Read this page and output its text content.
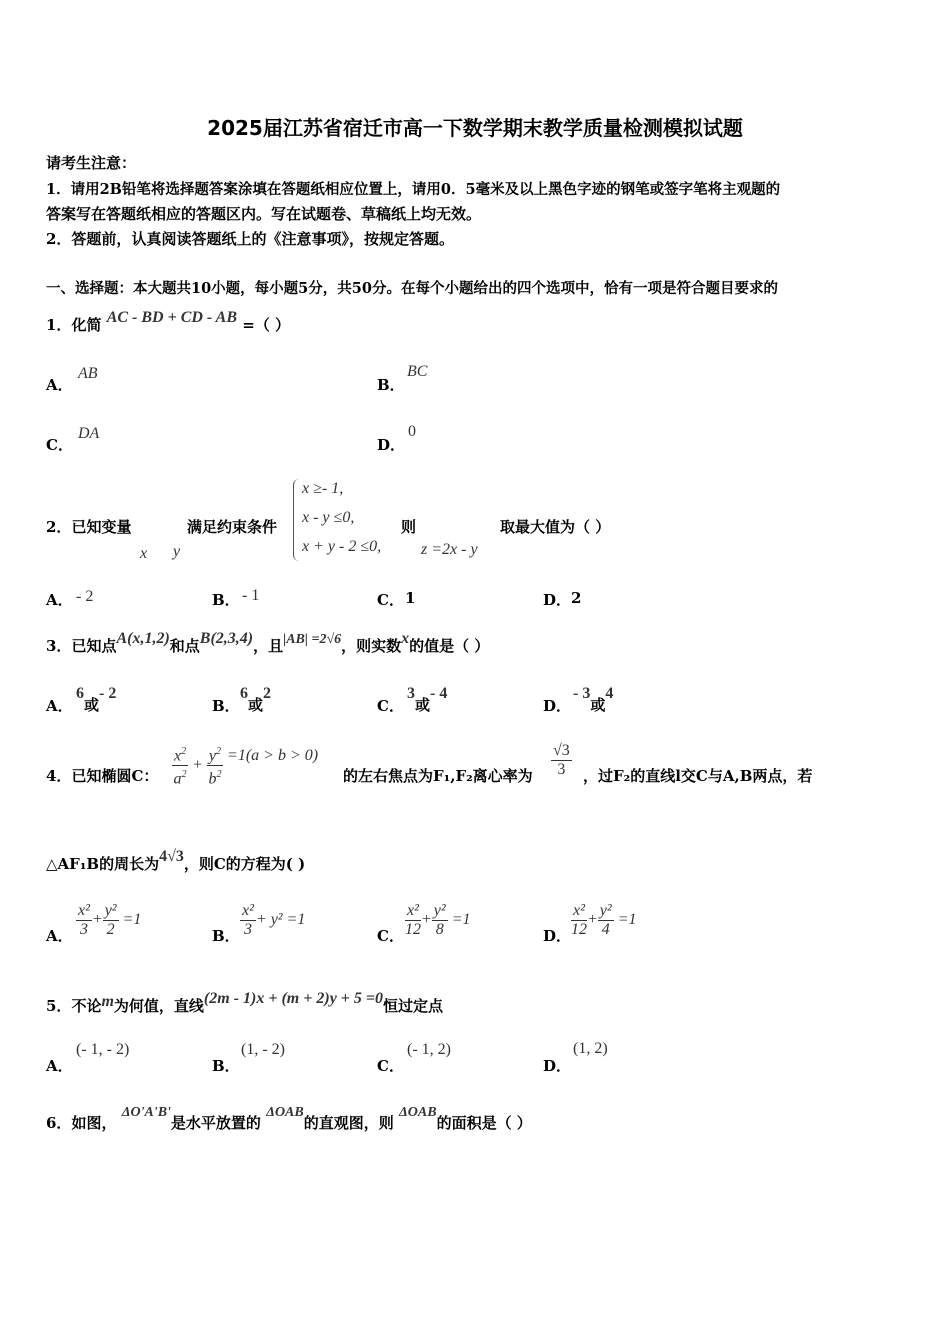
2025届江苏省宿迁市高一下数学期末教学质量检测模拟试题
请考生注意：
1．请用2B铅笔将选择题答案涂填在答题纸相应位置上，请用0．5毫米及以上黑色字迹的钢笔或签字笔将主观题的
答案写在答题纸相应的答题区内。写在试题卷、草稿纸上均无效。
2．答题前，认真阅读答题纸上的《注意事项》，按规定答题。
一、选择题：本大题共10小题，每小题5分，共50分。在每个小题给出的四个选项中，恰有一项是符合题目要求的
1．化简 AC - BD + CD - AB =（ ）
A．
AB
B．
BC
C．
DA
D．
0
2．已知变量
x y
满足约束条件
x ≥- 1,
x - y ≤0,
x + y - 2 ≤0,
则
z =2x - y
取最大值为（ ）
A． - 2	B． - 1	C． 1	D． 2
3．已知点A(x,1,2)和点B(2,3,4)，且|AB| =2√6，则实数x的值是（ ）
A．
6或- 2
B．
6或2
C．
3或- 4
D．
- 3或4
4．已知椭圆C： $\frac{x^2}{a^2} + \frac{y^2}{b^2} =1(a > b > 0)$
的左右焦点为F₁,F₂离心率为 $\frac{√3}{3}$ ，过F₂的直线l交C与A,B两点，若
△AF₁B的周长为4√3，则C的方程为( )
A． $\frac{\text{x²}}{3} + \frac{\text{y²}}{2} =1$
B． $\frac{\text{x²}}{3} + y^2 =1$
C． $\frac{\text{x²}}{12} + \frac{\text{y²}}{8} =1$
D． $\frac{\text{x²}}{12} + \frac{\text{y²}}{4} =1$
5．不论m为何值，直线(2m - 1)x + (m + 2)y + 5 =0恒过定点
A．
(- 1, - 2)
B．
(1, - 2)
C．
(- 1, 2)
D．
(1, 2)
6．如图， ΔO'A'B'是水平放置的 ΔOAB的直观图，则 ΔOAB的面积是（ ）
